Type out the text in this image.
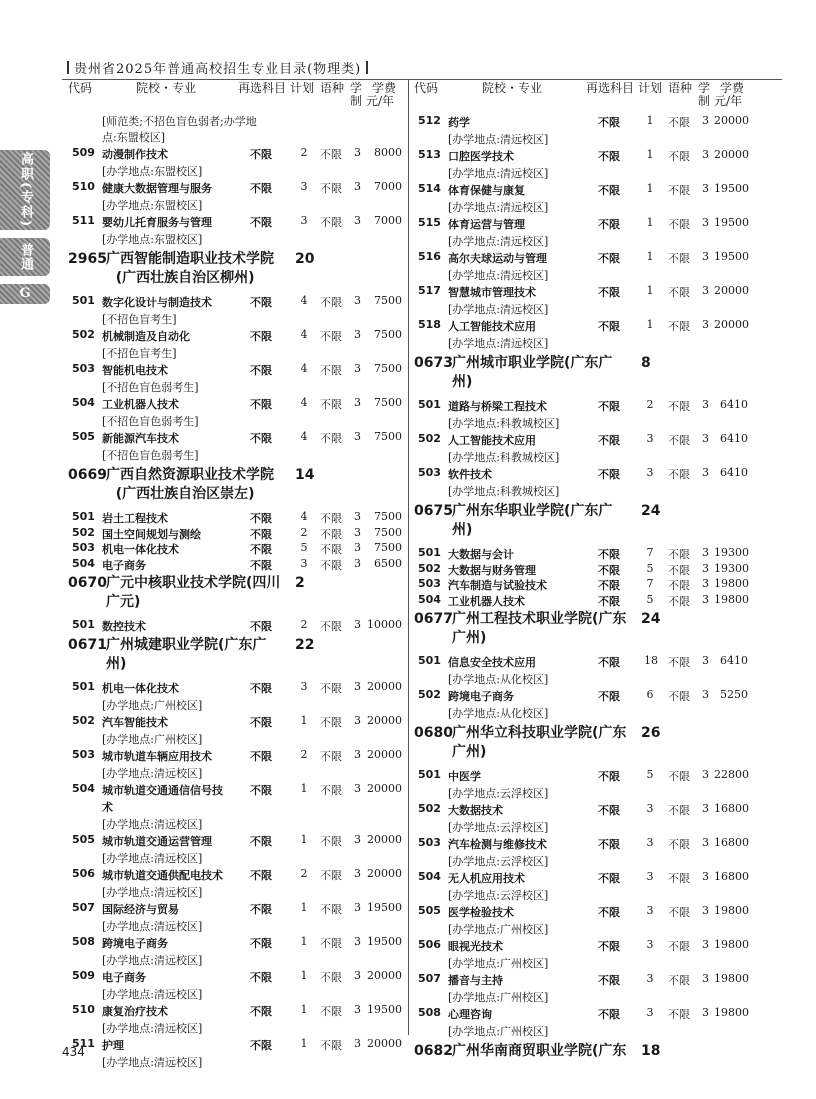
贵州省2025年普通高校招生专业目录(物理类)
高职(专科)
普通
G
代码	院校・专业	再选科目 计划 语种 学
制
学费
元/年
[师范类;不招色盲色弱者;办学地
点:东盟校区]
509 动漫制作技术
[办学地点:东盟校区]
不限	2 不限 3	8000
510 健康大数据管理与服务
[办学地点:东盟校区]
不限	3 不限 3	7000
511 婴幼儿托育服务与管理
[办学地点:东盟校区]
不限	3 不限 3	7000
2965 广西智能制造职业技术学院
(广西壮族自治区柳州)
20
501 数字化设计与制造技术
[不招色盲考生]
不限	4 不限 3	7500
502 机械制造及自动化
[不招色盲考生]
不限	4 不限 3	7500
503 智能机电技术
[不招色盲色弱考生]
不限	4 不限 3	7500
504 工业机器人技术
[不招色盲色弱考生]
不限	4 不限 3	7500
505 新能源汽车技术
[不招色盲色弱考生]
不限	4 不限 3	7500
0669 广西自然资源职业技术学院
(广西壮族自治区崇左)
14
501 岩土工程技术	不限	4 不限 3	7500
502 国土空间规划与测绘	不限	2 不限 3	7500
503 机电一体化技术	不限	5 不限 3	7500
504 电子商务	不限	3 不限 3	6500
0670 广元中核职业技术学院(四川
广元)
2
501 数控技术	不限	2 不限 3 10000
0671 广州城建职业学院(广东广
州)
22
501 机电一体化技术
[办学地点:广州校区]
不限	3 不限 3 20000
502 汽车智能技术
[办学地点:广州校区]
不限	1 不限 3 20000
503 城市轨道车辆应用技术
[办学地点:清远校区]
不限	2 不限 3 20000
504 城市轨道交通通信信号技
术
[办学地点:清远校区]
不限	1 不限 3 20000
505 城市轨道交通运营管理
[办学地点:清远校区]
不限	1 不限 3 20000
506 城市轨道交通供配电技术
[办学地点:清远校区]
不限	2 不限 3 20000
507 国际经济与贸易
[办学地点:清远校区]
不限	1 不限 3 19500
508 跨境电子商务
[办学地点:清远校区]
不限	1 不限 3 19500
509 电子商务
[办学地点:清远校区]
不限	1 不限 3 20000
510 康复治疗技术
[办学地点:清远校区]
不限	1 不限 3 19500
511 护理
[办学地点:清远校区]
不限	1 不限 3 20000
代码	院校・专业	再选科目 计划 语种 学
制
学费
元/年
512 药学
[办学地点:清远校区]
不限 1 不限 3 20000
513 口腔医学技术
[办学地点:清远校区]
不限 1 不限 3 20000
514 体育保健与康复
[办学地点:清远校区]
不限 1 不限 3 19500
515 体育运营与管理
[办学地点:清远校区]
不限 1 不限 3 19500
516 高尔夫球运动与管理
[办学地点:清远校区]
不限 1 不限 3 19500
517 智慧城市管理技术
[办学地点:清远校区]
不限 1 不限 3 20000
518 人工智能技术应用
[办学地点:清远校区]
不限 1 不限 3 20000
0673 广州城市职业学院(广东广
州)
8
501 道路与桥梁工程技术
[办学地点:科教城校区]
不限 2 不限 3	6410
502 人工智能技术应用
[办学地点:科教城校区]
不限 3 不限 3	6410
503 软件技术
[办学地点:科教城校区]
不限 3 不限 3	6410
0675 广州东华职业学院(广东广
州)
24
501 大数据与会计	不限 7 不限 3 19300
502 大数据与财务管理	不限 5 不限 3 19300
503 汽车制造与试验技术	不限 7 不限 3 19800
504 工业机器人技术	不限 5 不限 3 19800
0677 广州工程技术职业学院(广东
广州)
24
501 信息安全技术应用
[办学地点:从化校区]
不限 18 不限 3	6410
502 跨境电子商务
[办学地点:从化校区]
不限 6 不限 3	5250
0680 广州华立科技职业学院(广东
广州)
26
501 中医学
[办学地点:云浮校区]
不限 5 不限 3 22800
502 大数据技术
[办学地点:云浮校区]
不限 3 不限 3 16800
503 汽车检测与维修技术
[办学地点:云浮校区]
不限 3 不限 3 16800
504 无人机应用技术
[办学地点:云浮校区]
不限 3 不限 3 16800
505 医学检验技术
[办学地点:广州校区]
不限 3 不限 3 19800
506 眼视光技术
[办学地点:广州校区]
不限 3 不限 3 19800
507 播音与主持
[办学地点:广州校区]
不限 3 不限 3 19800
508 心理咨询
[办学地点:广州校区]
不限 3 不限 3 19800
0682 广州华南商贸职业学院(广东 18
434
